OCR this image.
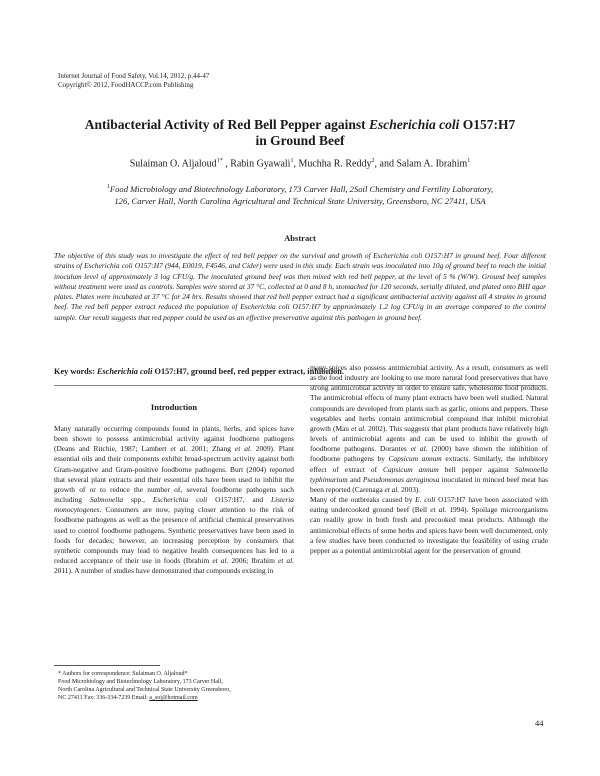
Internet Journal of Food Safety, Vol.14, 2012, p.44-47
Copyright© 2012, FoodHACCP.com Publishing
Antibacterial Activity of Red Bell Pepper against Escherichia coli O157:H7
in Ground Beef
Sulaiman O. Aljaloud$^{1*}$ , Rabin Gyawali$^1$, Muchha R. Reddy$^2$, and Salam A. Ibrahim$^1$
$^1$Food Microbiology and Biotechnology Laboratory, 173 Carver Hall, 2Soil Chemistry and Fertility Laboratory,
126, Carver Hall, North Carolina Agricultural and Technical State University, Greensboro, NC 27411, USA
Abstract
The objective of this study was to investigate the effect of red bell pepper on the survival and growth of Escherichia coli O157:H7 in ground beef. Four different strains of Escherichia coli O157:H7 (944, E0019, F4546, and Cider) were used in this study. Each strain was inoculated into 10g of ground beef to reach the initial inoculum level of approximately 3 log CFU/g. The inoculated ground beef was then mixed with red bell pepper, at the level of 5 % (W/W). Ground beef samples without treatment were used as controls. Samples were stored at 37 °C, collected at 0 and 8 h, stomached for 120 seconds, serially diluted, and plated onto BHI agar plates. Plates were incubated at 37 °C for 24 hrs. Results showed that red bell pepper extract had a significant antibacterial activity against all 4 strains in ground beef. The red bell pepper extract reduced the population of Escherichia coli O157:H7 by approximately 1.2 log CFU/g in an average compared to the control sample. Our result suggests that red pepper could be used as an effective preservative against this pathogen in ground beef.
Key words: Escherichia coli O157:H7, ground beef, red pepper extract, inhibition.
Introduction
Many naturally occurring compounds found in plants, herbs, and spices have been shown to possess antimicrobial activity against foodborne pathogens (Deans and Ritchie, 1987; Lambert et al. 2001; Zhang et al. 2009). Plant essential oils and their components exhibit broad-spectrum activity against both Gram-negative and Gram-positive foodborne pathogens. Burt (2004) reported that several plant extracts and their essential oils have been used to inhibit the growth of or to reduce the number of, several foodborne pathogens such including Salmonella spp., Escherichia coli O157:H7, and Listeria monocytogenes. Consumers are now, paying closer attention to the risk of foodborne pathogens as well as the presence of artificial chemical preservatives used to control foodborne pathogens. Synthetic preservatives have been used in foods for decades; however, an increasing perception by consumers that synthetic compounds may lead to negative health consequences has led to a reduced acceptance of their use in foods (Ibrahim et al. 2006; Ibrahim et al. 2011). A number of studies have demonstrated that compounds existing in
many spices also possess antimicrobial activity. As a result, consumers as well as the food industry are looking to use more natural food preservatives that have strong antimicrobial activity in order to ensure safe, wholesome food products. The antimicrobial effects of many plant extracts have been well studied. Natural compounds are developed from plants such as garlic, onions and peppers. These vegetables and herbs contain antimicrobial compound that inhibit microbial growth (Mau et al. 2002). This suggests that plant products have relatively high levels of antimicrobial agents and can be used to inhibit the growth of foodborne pathogens. Dorantes et al. (2000) have shown the inhibition of foodborne pathogens by Capsicum annum extracts. Similarly, the inhibitory effect of extract of Capsicum annum bell pepper against Salmonella typhimurium and Pseudomonas aeruginosa inoculated in minced beef meat has been reported (Carenaga et al. 2003).
Many of the outbreaks caused by E. coli O157:H7 have been associated with eating undercooked ground beef (Bell et al. 1994). Spoilage microorganisms can readily grow in both fresh and precooked meat products. Although the antimicrobial effects of some herbs and spices have been well documented, only a few studies have been conducted to investigate the feasibility of using crude pepper as a potential antimicrobial agent for the preservation of ground
* Authors for correspondence: Sulaiman O. Aljaloud*
Food Microbiology and Biotechnology Laboratory, 173 Carver Hall,
North Carolina Agricultural and Technical State University Greensboro,
NC 27411 Fax: 336-334-7239 Email: a_soj@hotmail.com
44
